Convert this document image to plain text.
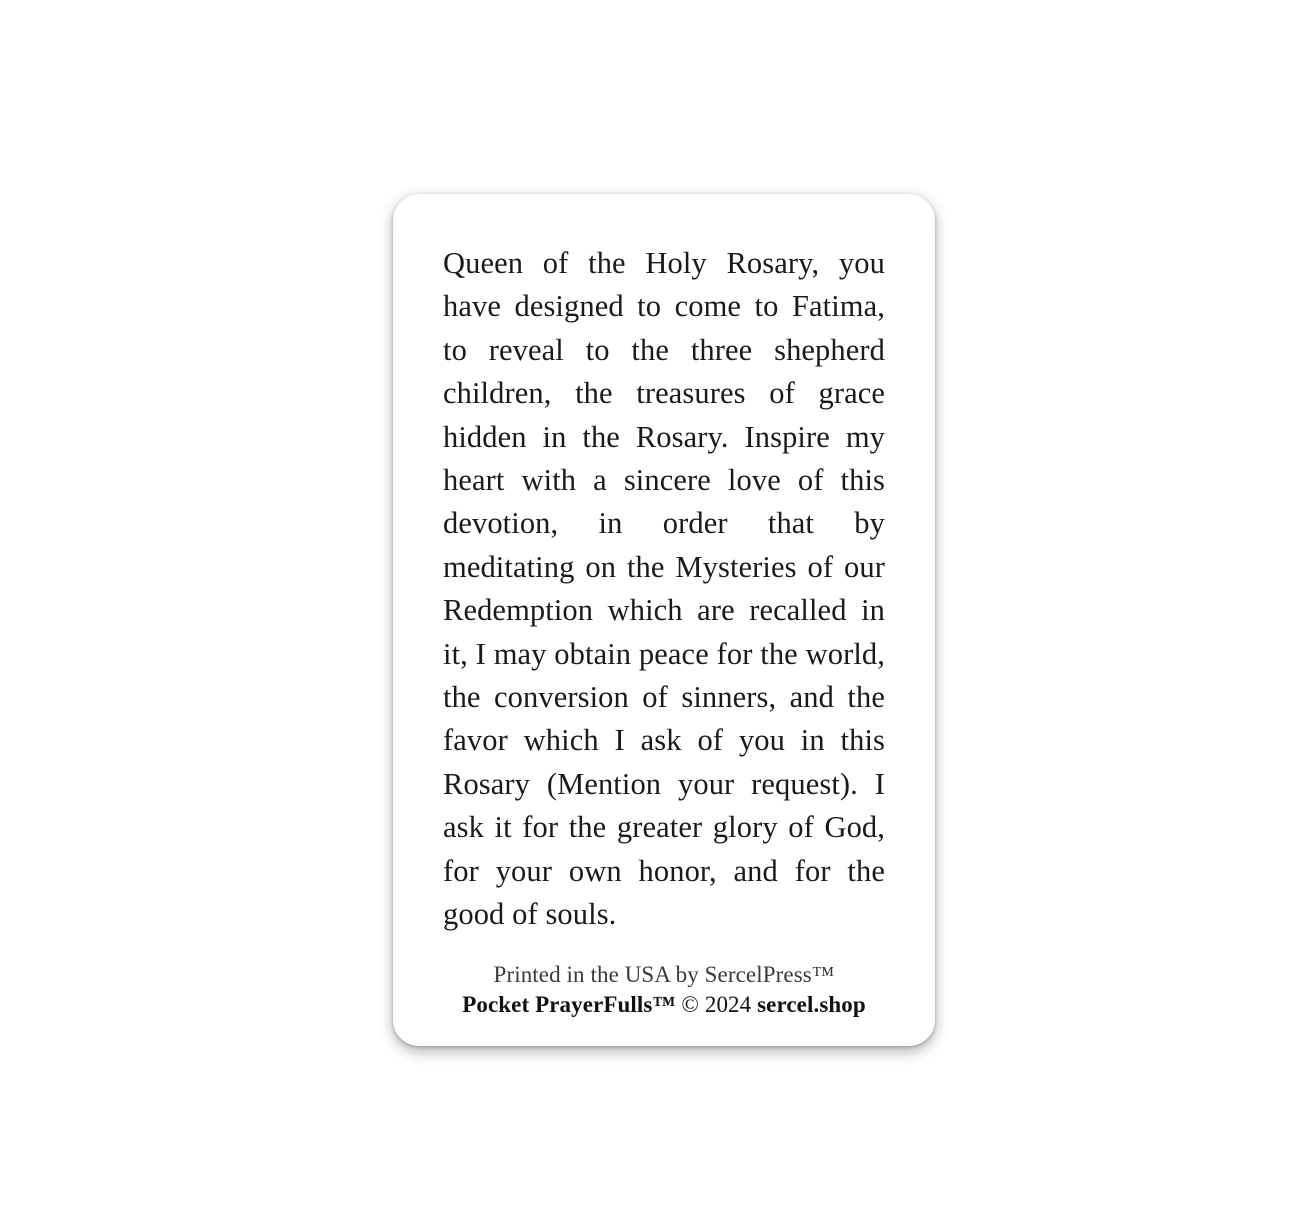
Queen of the Holy Rosary, you have designed to come to Fatima, to reveal to the three shepherd children, the treasures of grace hidden in the Rosary. Inspire my heart with a sincere love of this devotion, in order that by meditating on the Mysteries of our Redemption which are recalled in it, I may obtain peace for the world, the conversion of sinners, and the favor which I ask of you in this Rosary (Mention your request). I ask it for the greater glory of God, for your own honor, and for the good of souls.

Printed in the USA by SercelPress™
Pocket PrayerFulls™ © 2024 sercel.shop
